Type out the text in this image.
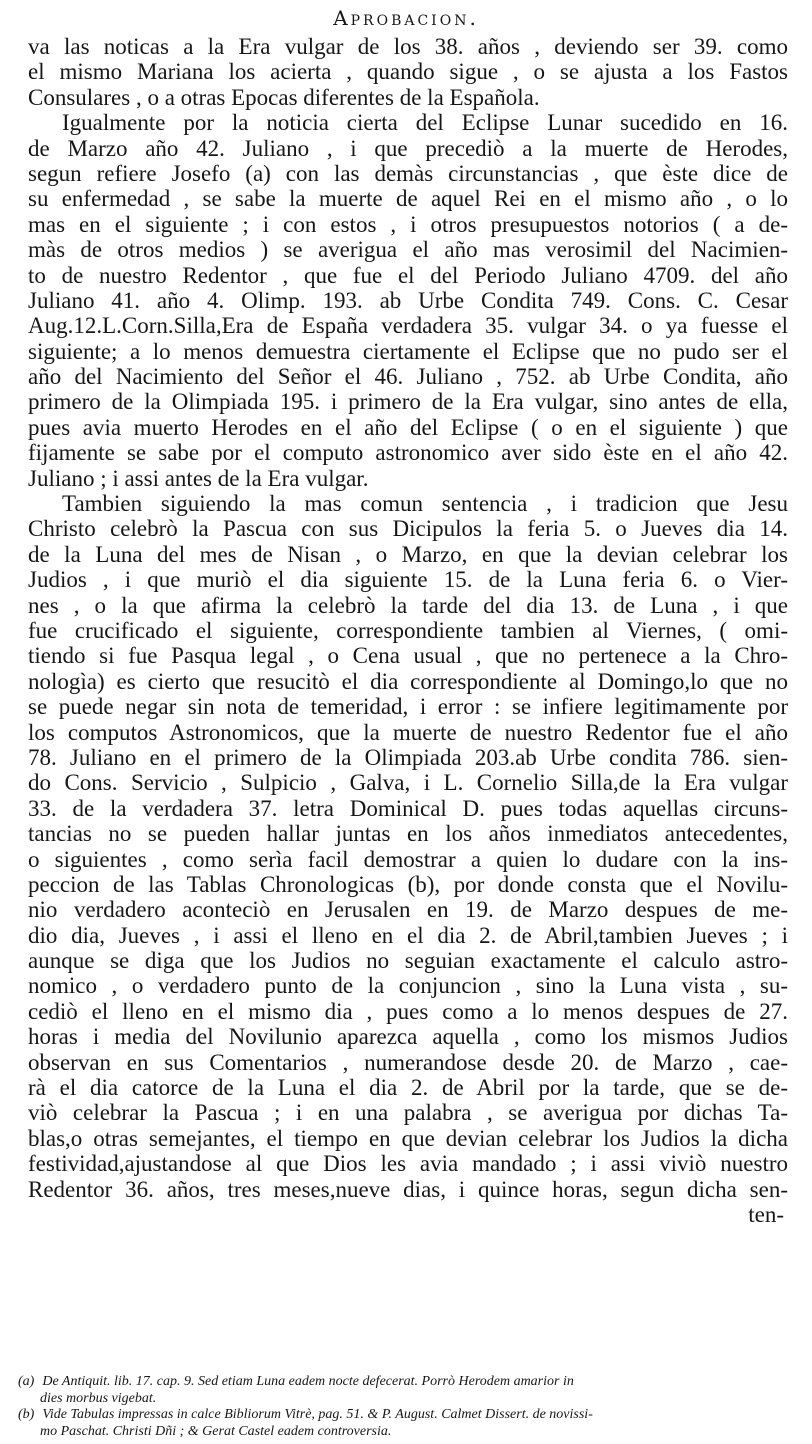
Aprobacion.
va las noticas a la Era vulgar de los 38. años , deviendo ser 39. como
el mismo Mariana los acierta , quando sigue , o se ajusta a los Fastos
Consulares , o a otras Epocas diferentes de la Española.
Igualmente por la noticia cierta del Eclipse Lunar sucedido en 16.
de Marzo año 42. Juliano , i que precediò a la muerte de Herodes,
segun refiere Josefo (a) con las demàs circunstancias , que èste dice de
su enfermedad , se sabe la muerte de aquel Rei en el mismo año , o lo
mas en el siguiente ; i con estos , i otros presupuestos notorios ( a de-
màs de otros medios ) se averigua el año mas verosimil del Nacimien-
to de nuestro Redentor , que fue el del Periodo Juliano 4709. del año
Juliano 41. año 4. Olimp. 193. ab Urbe Condita 749. Cons. C. Cesar
Aug.12.L.Corn.Silla,Era de España verdadera 35. vulgar 34. o ya fuesse el
siguiente; a lo menos demuestra ciertamente el Eclipse que no pudo ser el
año del Nacimiento del Señor el 46. Juliano , 752. ab Urbe Condita, año
primero de la Olimpiada 195. i primero de la Era vulgar, sino antes de ella,
pues avia muerto Herodes en el año del Eclipse ( o en el siguiente ) que
fijamente se sabe por el computo astronomico aver sido èste en el año 42.
Juliano ; i assi antes de la Era vulgar.
Tambien siguiendo la mas comun sentencia , i tradicion que Jesu
Christo celebrò la Pascua con sus Dicipulos la feria 5. o Jueves dia 14.
de la Luna del mes de Nisan , o Marzo, en que la devian celebrar los
Judios , i que muriò el dia siguiente 15. de la Luna feria 6. o Vier-
nes , o la que afirma la celebrò la tarde del dia 13. de Luna , i que
fue crucificado el siguiente, correspondiente tambien al Viernes, ( omi-
tiendo si fue Pasqua legal , o Cena usual , que no pertenece a la Chro-
nologìa) es cierto que resucitò el dia correspondiente al Domingo,lo que no
se puede negar sin nota de temeridad, i error : se infiere legitimamente por
los computos Astronomicos, que la muerte de nuestro Redentor fue el año
78. Juliano en el primero de la Olimpiada 203.ab Urbe condita 786. sien-
do Cons. Servicio , Sulpicio , Galva, i L. Cornelio Silla,de la Era vulgar
33. de la verdadera 37. letra Dominical D. pues todas aquellas circuns-
tancias no se pueden hallar juntas en los años inmediatos antecedentes,
o siguientes , como serìa facil demostrar a quien lo dudare con la ins-
peccion de las Tablas Chronologicas (b), por donde consta que el Novilu-
nio verdadero aconteciò en Jerusalen en 19. de Marzo despues de me-
dio dia, Jueves , i assi el lleno en el dia 2. de Abril,tambien Jueves ; i
aunque se diga que los Judios no seguian exactamente el calculo astro-
nomico , o verdadero punto de la conjuncion , sino la Luna vista , su-
cediò el lleno en el mismo dia , pues como a lo menos despues de 27.
horas i media del Novilunio aparezca aquella , como los mismos Judios
observan en sus Comentarios , numerandose desde 20. de Marzo , cae-
rà el dia catorce de la Luna el dia 2. de Abril por la tarde, que se de-
viò celebrar la Pascua ; i en una palabra , se averigua por dichas Ta-
blas,o otras semejantes, el tiempo en que devian celebrar los Judios la dicha
festividad,ajustandose al que Dios les avia mandado ; i assi viviò nuestro
Redentor 36. años, tres meses,nueve dias, i quince horas, segun dicha sen-
ten-
(a) De Antiquit. lib. 17. cap. 9. Sed etiam Luna eadem nocte defecerat. Porrò Herodem amarior in
dies morbus vigebat.
(b) Vide Tabulas impressas in calce Bibliorum Vitrè, pag. 51. & P. August. Calmet Dissert. de novissi-
mo Paschat. Christi Dñi ; & Gerat Castel eadem controversia.
